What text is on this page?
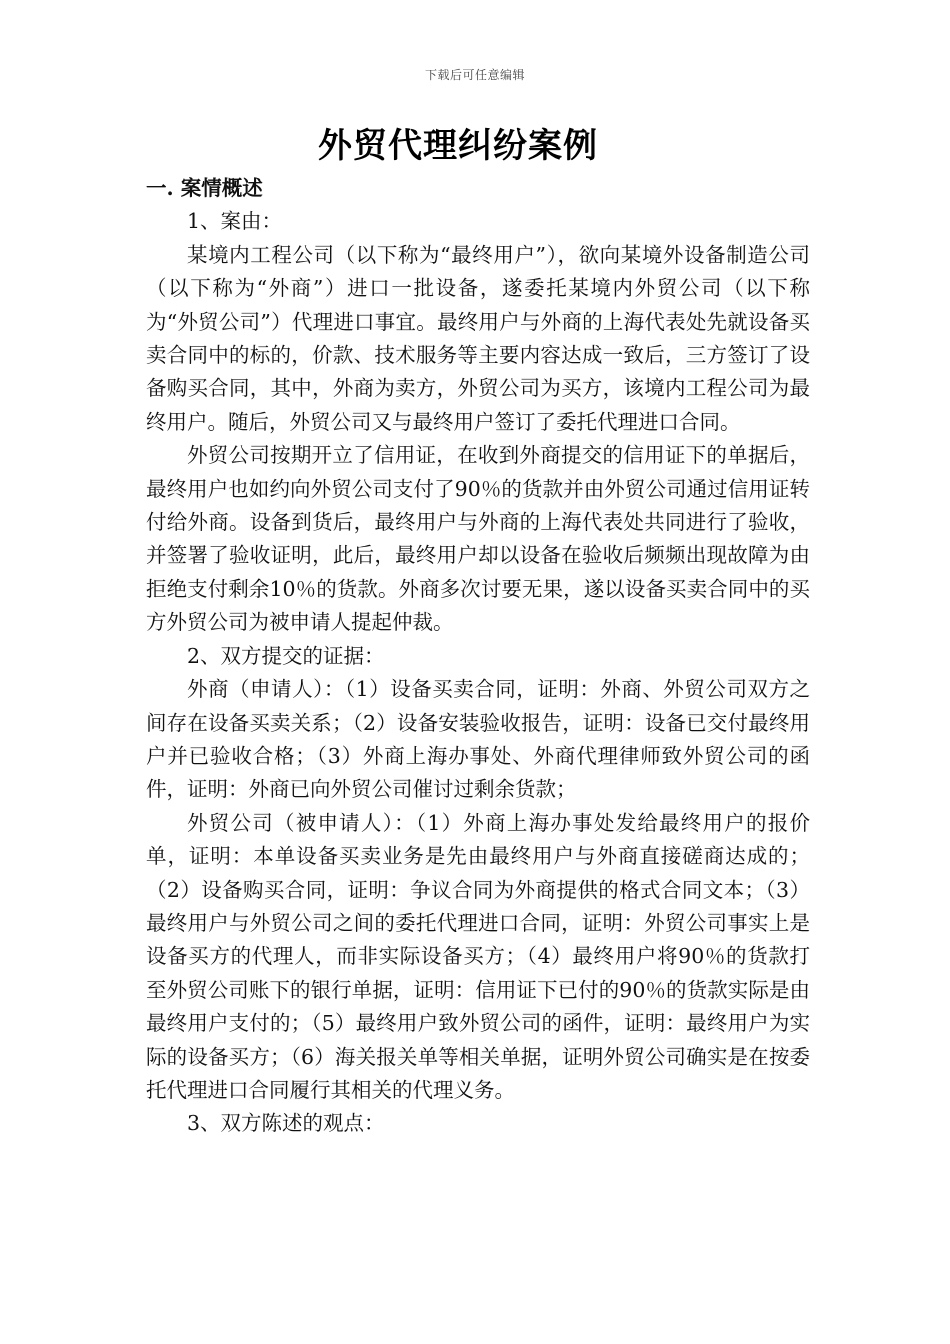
下载后可任意编辑
外贸代理纠纷案例

一. 案情概述

1、案由：

某境内工程公司（以下称为“最终用户”），欲向某境外设备制造公司（以下称为“外商”）进口一批设备，遂委托某境内外贸公司（以下称为“外贸公司”）代理进口事宜。最终用户与外商的上海代表处先就设备买卖合同中的标的，价款、技术服务等主要内容达成一致后，三方签订了设备购买合同，其中，外商为卖方，外贸公司为买方，该境内工程公司为最终用户。随后，外贸公司又与最终用户签订了委托代理进口合同。

外贸公司按期开立了信用证，在收到外商提交的信用证下的单据后，最终用户也如约向外贸公司支付了90％的货款并由外贸公司通过信用证转付给外商。设备到货后，最终用户与外商的上海代表处共同进行了验收，并签署了验收证明，此后，最终用户却以设备在验收后频频出现故障为由拒绝支付剩余10％的货款。外商多次讨要无果，遂以设备买卖合同中的买方外贸公司为被申请人提起仲裁。

2、双方提交的证据：

外商（申请人）：（1）设备买卖合同，证明：外商、外贸公司双方之间存在设备买卖关系；（2）设备安装验收报告，证明：设备已交付最终用户并已验收合格；（3）外商上海办事处、外商代理律师致外贸公司的函件，证明：外商已向外贸公司催讨过剩余货款；

外贸公司（被申请人）：（1）外商上海办事处发给最终用户的报价单，证明：本单设备买卖业务是先由最终用户与外商直接磋商达成的；（2）设备购买合同，证明：争议合同为外商提供的格式合同文本；（3）最终用户与外贸公司之间的委托代理进口合同，证明：外贸公司事实上是设备买方的代理人，而非实际设备买方；（4）最终用户将90％的货款打至外贸公司账下的银行单据，证明：信用证下已付的90％的货款实际是由最终用户支付的；（5）最终用户致外贸公司的函件，证明：最终用户为实际的设备买方；（6）海关报关单等相关单据，证明外贸公司确实是在按委托代理进口合同履行其相关的代理义务。

3、双方陈述的观点：
